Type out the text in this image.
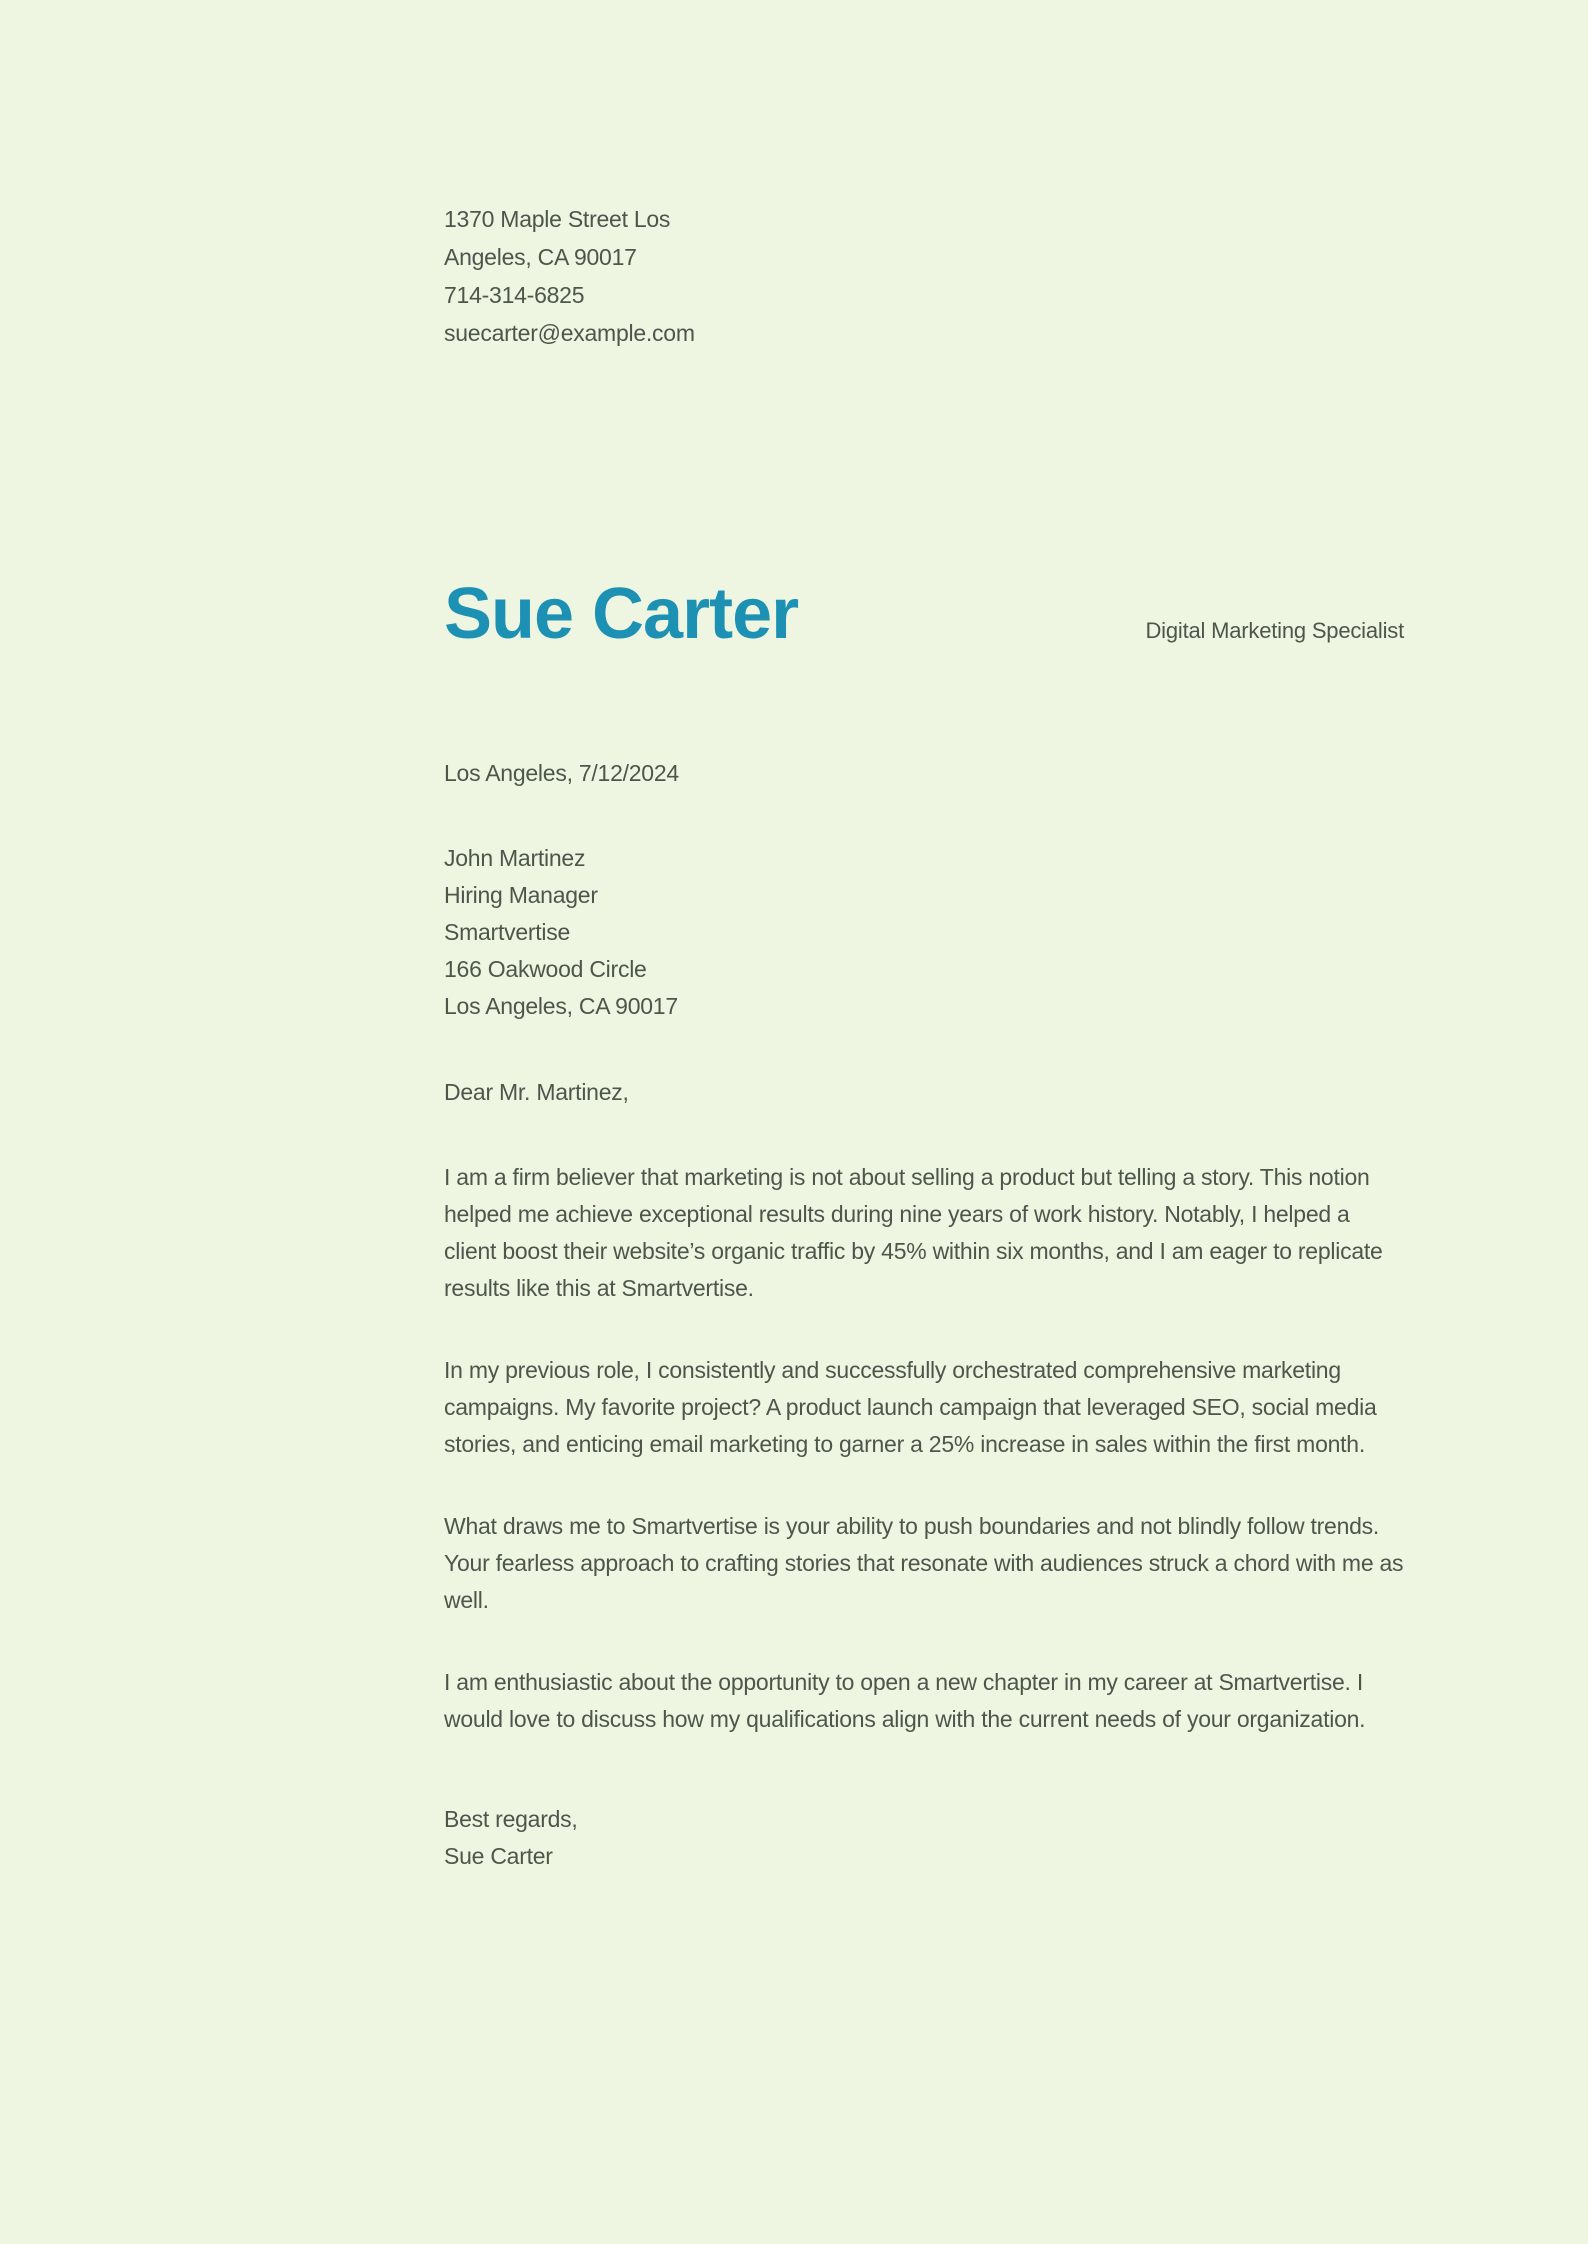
1370 Maple Street Los
Angeles, CA 90017
714-314-6825
suecarter@example.com
Sue Carter	Digital Marketing Specialist
Los Angeles, 7/12/2024
John Martinez
Hiring Manager
Smartvertise
166 Oakwood Circle
Los Angeles, CA 90017
Dear Mr. Martinez,

I am a firm believer that marketing is not about selling a product but telling a story. This notion helped me achieve exceptional results during nine years of work history. Notably, I helped a client boost their website’s organic traffic by 45% within six months, and I am eager to replicate results like this at Smartvertise.

In my previous role, I consistently and successfully orchestrated comprehensive marketing campaigns. My favorite project? A product launch campaign that leveraged SEO, social media stories, and enticing email marketing to garner a 25% increase in sales within the first month.

What draws me to Smartvertise is your ability to push boundaries and not blindly follow trends. Your fearless approach to crafting stories that resonate with audiences struck a chord with me as well.

I am enthusiastic about the opportunity to open a new chapter in my career at Smartvertise. I would love to discuss how my qualifications align with the current needs of your organization.

Best regards,
Sue Carter
